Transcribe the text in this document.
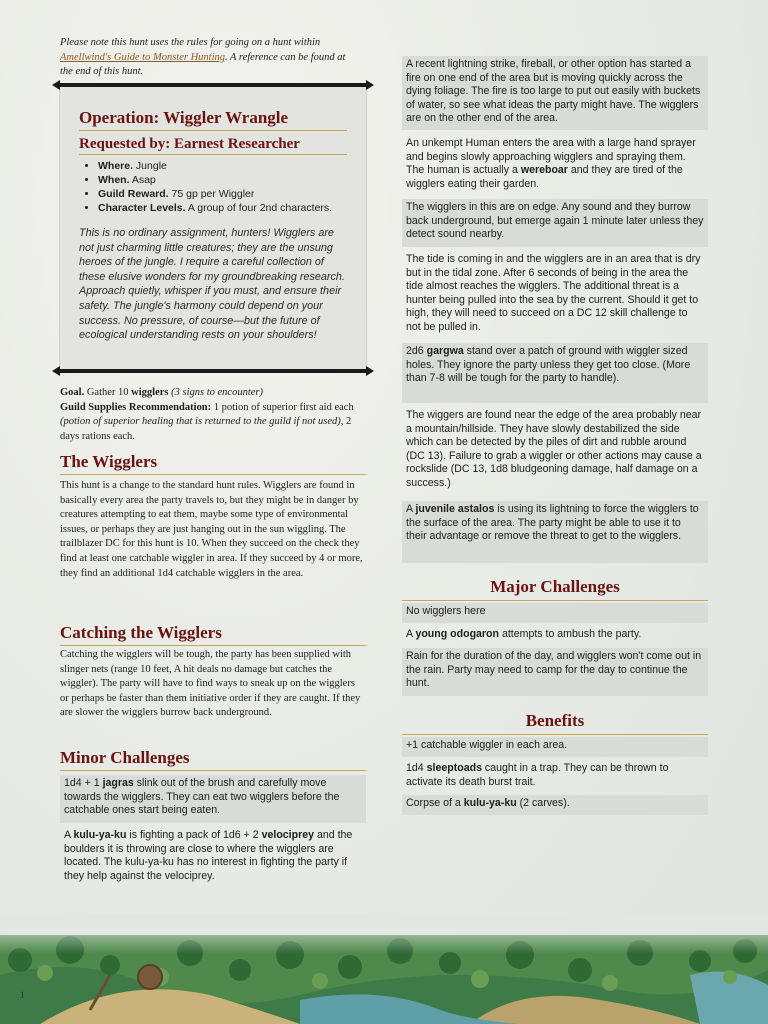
Please note this hunt uses the rules for going on a hunt within Amellwind's Guide to Monster Hunting. A reference can be found at the end of this hunt.
Operation: Wiggler Wrangle
Requested by: Earnest Researcher
• Where. Jungle
• When. Asap
• Guild Reward. 75 gp per Wiggler
• Character Levels. A group of four 2nd characters.
This is no ordinary assignment, hunters! Wigglers are not just charming little creatures; they are the unsung heroes of the jungle. I require a careful collection of these elusive wonders for my groundbreaking research. Approach quietly, whisper if you must, and ensure their safety. The jungle's harmony could depend on your success. No pressure, of course—but the future of ecological understanding rests on your shoulders!
Goal. Gather 10 wigglers (3 signs to encounter)
Guild Supplies Recommendation: 1 potion of superior first aid each (potion of superior healing that is returned to the guild if not used), 2 days rations each.
The Wigglers
This hunt is a change to the standard hunt rules. Wigglers are found in basically every area the party travels to, but they might be in danger by creatures attempting to eat them, maybe some type of environmental issues, or perhaps they are just hanging out in the sun wiggling. The trailblazer DC for this hunt is 10. When they succeed on the check they find at least one catchable wiggler in area. If they succeed by 4 or more, they find an additional 1d4 catchable wigglers in the area.
Catching the Wigglers
Catching the wigglers will be tough, the party has been supplied with slinger nets (range 10 feet, A hit deals no damage but catches the wiggler). The party will have to find ways to sneak up on the wigglers or perhaps be faster than them initiative order if they are caught. If they are slower the wigglers burrow back underground.
Minor Challenges
1d4 + 1 jagras slink out of the brush and carefully move towards the wigglers. They can eat two wigglers before the catchable ones start being eaten.
A kulu-ya-ku is fighting a pack of 1d6 + 2 velociprey and the boulders it is throwing are close to where the wigglers are located. The kulu-ya-ku has no interest in fighting the party if they help against the velociprey.
A recent lightning strike, fireball, or other option has started a fire on one end of the area but is moving quickly across the dying foliage. The fire is too large to put out easily with buckets of water, so see what ideas the party might have. The wigglers are on the other end of the area.
An unkempt Human enters the area with a large hand sprayer and begins slowly approaching wigglers and spraying them. The human is actually a wereboar and they are tired of the wigglers eating their garden.
The wigglers in this are on edge. Any sound and they burrow back underground, but emerge again 1 minute later unless they detect sound nearby.
The tide is coming in and the wigglers are in an area that is dry but in the tidal zone. After 6 seconds of being in the area the tide almost reaches the wigglers. The additional threat is a hunter being pulled into the sea by the current. Should it get to high, they will need to succeed on a DC 12 skill challenge to not be pulled in.
2d6 gargwa stand over a patch of ground with wiggler sized holes. They ignore the party unless they get too close. (More than 7-8 will be tough for the party to handle).
The wiggers are found near the edge of the area probably near a mountain/hillside. They have slowly destabilized the side which can be detected by the piles of dirt and rubble around (DC 13). Failure to grab a wiggler or other actions may cause a rockslide (DC 13, 1d8 bludgeoning damage, half damage on a success.)
A juvenile astalos is using its lightning to force the wigglers to the surface of the area. The party might be able to use it to their advantage or remove the threat to get to the wigglers.
Major Challenges
No wigglers here
A young odogaron attempts to ambush the party.
Rain for the duration of the day, and wigglers won't come out in the rain. Party may need to camp for the day to continue the hunt.
Benefits
+1 catchable wiggler in each area.
1d4 sleeptoads caught in a trap. They can be thrown to activate its death burst trait.
Corpse of a kulu-ya-ku (2 carves).
1
